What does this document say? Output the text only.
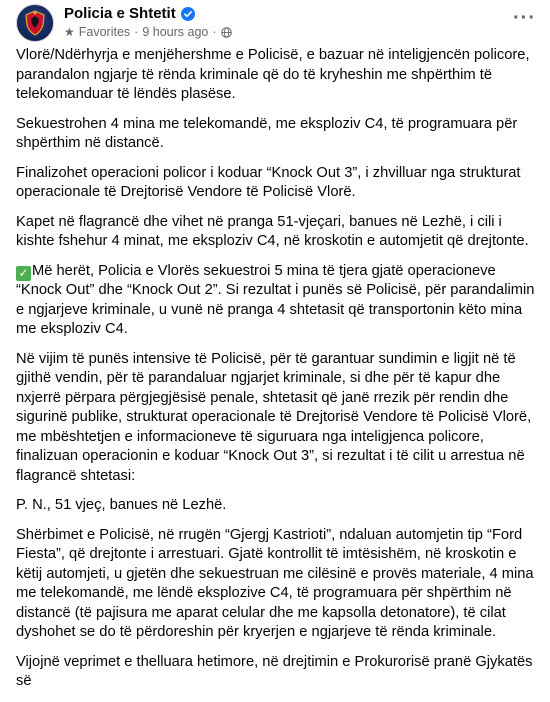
Policia e Shtetit
★ Favorites · 9 hours ago ·
···

Vlorë/Ndërhyrja e menjëhershme e Policisë, e bazuar në inteligjencën policore, parandalon ngjarje të rënda kriminale që do të kryheshin me shpërthim të telekomanduar të lëndës plasëse.

Sekuestrohen 4 mina me telekomandë, me eksploziv C4, të programuara për shpërthim në distancë.

Finalizohet operacioni policor i koduar “Knock Out 3”, i zhvilluar nga strukturat operacionale të Drejtorisë Vendore të Policisë Vlorë.

Kapet në flagrancë dhe vihet në pranga 51-vjeçari, banues në Lezhë, i cili i kishte fshehur 4 minat, me eksploziv C4, në kroskotin e automjetit që drejtonte.

✓ Më herët, Policia e Vlorës sekuestroi 5 mina të tjera gjatë operacioneve “Knock Out” dhe “Knock Out 2”. Si rezultat i punës së Policisë, për parandalimin e ngjarjeve kriminale, u vunë në pranga 4 shtetasit që transportonin këto mina me eksploziv C4.

Në vijim të punës intensive të Policisë, për të garantuar sundimin e ligjit në të gjithë vendin, për të parandaluar ngjarjet kriminale, si dhe për të kapur dhe nxjerrë përpara përgjegjësisë penale, shtetasit që janë rrezik për rendin dhe sigurinë publike, strukturat operacionale të Drejtorisë Vendore të Policisë Vlorë, me mbështetjen e informacioneve të siguruara nga inteligjenca policore, finalizuan operacionin e koduar “Knock Out 3”, si rezultat i të cilit u arrestua në flagrancë shtetasi:

P. N., 51 vjeç, banues në Lezhë.

Shërbimet e Policisë, në rrugën “Gjergj Kastrioti”, ndaluan automjetin tip “Ford Fiesta”, që drejtonte i arrestuari. Gjatë kontrollit të imtësishëm, në kroskotin e këtij automjeti, u gjetën dhe sekuestruan me cilësinë e provës materiale, 4 mina me telekomandë, me lëndë eksplozive C4, të programuara për shpërthim në distancë (të pajisura me aparat celular dhe me kapsolla detonatore), të cilat dyshohet se do të përdoreshin për kryerjen e ngjarjeve të rënda kriminale.

Vijojnë veprimet e thelluara hetimore, në drejtimin e Prokurorisë pranë Gjykatës së
